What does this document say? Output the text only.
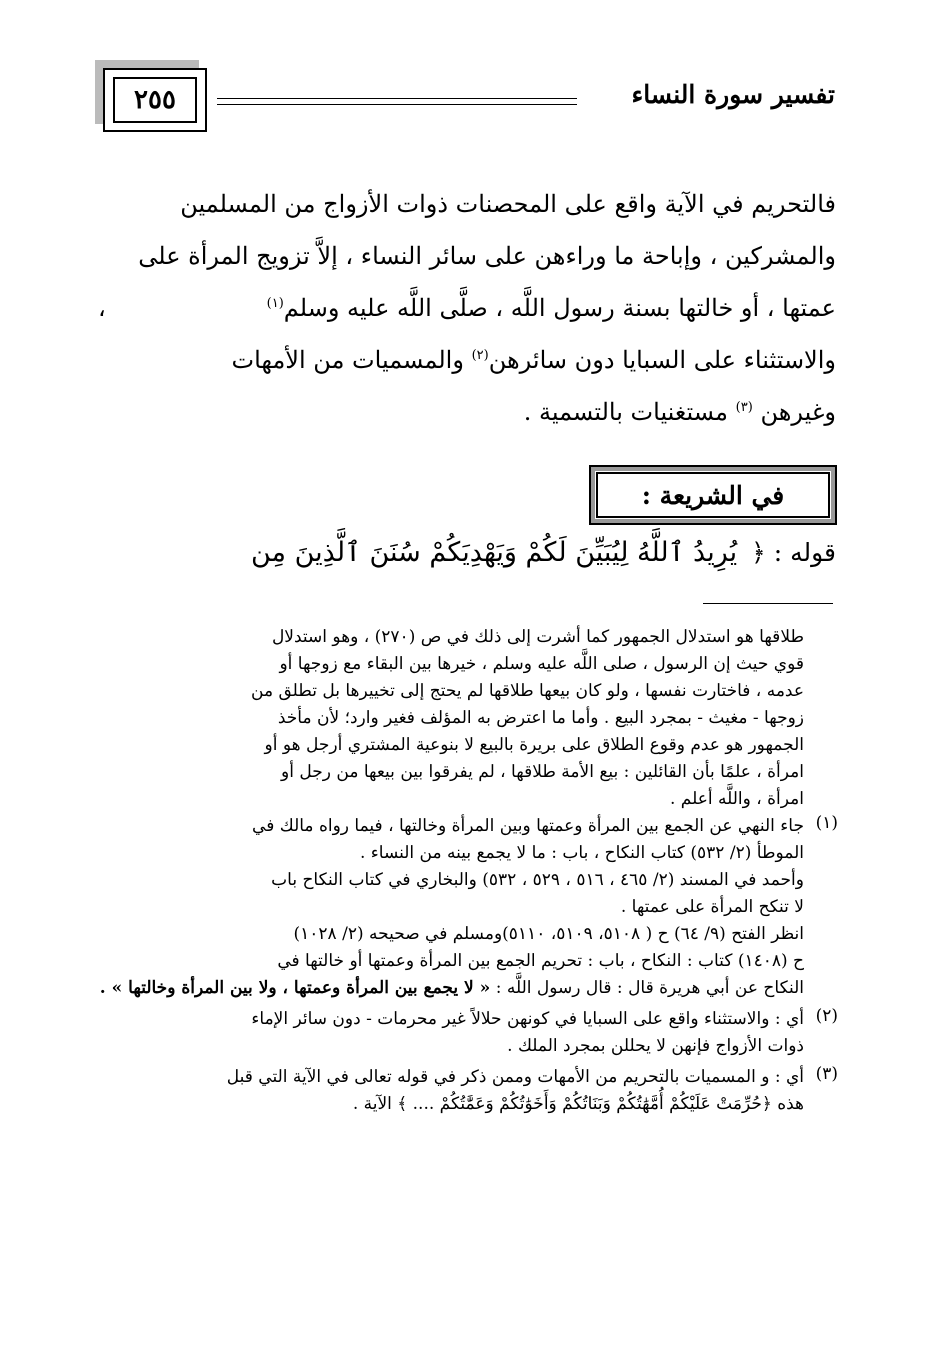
٢٥٥	تفسير سورة النساء

فالتحريم في الآية واقع على المحصنات ذوات الأزواج من المسلمين

والمشركين ، وإباحة ما وراءهن على سائر النساء ، إلاَّ تزويج المرأة على

عمتها ، أو خالتها بسنة رسول اللَّه ، صلَّى اللَّه عليه وسلم$^{(١)}$
،

والاستثناء على السبايا دون سائرهن$^{(٢)}$ والمسميات من الأمهات

وغيرهن $^{(٣)}$ مستغنيات بالتسمية .

في الشريعة :
قوله : ﴿ يُرِيدُ ٱللَّهُ لِيُبَيِّنَ لَكُمْ وَيَهْدِيَكُمْ سُنَنَ ٱلَّذِينَ مِن

طلاقها هو استدلال الجمهور كما أشرت إلى ذلك في ص (٢٧٠) ، وهو استدلال

قوي حيث إن الرسول ، صلى اللَّه عليه وسلم ، خيرها بين البقاء مع زوجها أو

عدمه ، فاختارت نفسها ، ولو كان بيعها طلاقها لم يحتج إلى تخييرها بل تطلق من

زوجها - مغيث - بمجرد البيع . وأما ما اعترض به المؤلف فغير وارد؛ لأن مأخذ

الجمهور هو عدم وقوع الطلاق على بريرة بالبيع لا بنوعية المشتري أرجل هو أو

امرأة ، علمًا بأن القائلين : بيع الأمة طلاقها ، لم يفرقوا بين بيعها من رجل أو

امرأة ، واللَّه أعلم .

(١)

جاء النهي عن الجمع بين المرأة وعمتها وبين المرأة وخالتها ، فيما رواه مالك في

الموطأ (٢/ ٥٣٢) كتاب النكاح ، باب : ما لا يجمع بينه من النساء .

وأحمد في المسند (٢/ ٤٦٥ ، ٥١٦ ، ٥٢٩ ، ٥٣٢) والبخاري في كتاب النكاح باب

لا تنكح المرأة على عمتها .

انظر الفتح (٩/ ٦٤) ح ( ٥١٠٨، ٥١٠٩، ٥١١٠)ومسلم في صحيحه (٢/ ١٠٢٨)

ح (١٤٠٨) كتاب : النكاح ، باب : تحريم الجمع بين المرأة وعمتها أو خالتها في

النكاح عن أبي هريرة قال : قال رسول اللَّه : « لا يجمع بين المرأة وعمتها ، ولا بين المرأة وخالتها » .

(٢)

أي : والاستثناء واقع على السبايا في كونهن حلالاً غير محرمات - دون سائر الإماء

ذوات الأزواج فإنهن لا يحللن بمجرد الملك .

(٣)

أي : و المسميات بالتحريم من الأمهات وممن ذكر في قوله تعالى في الآية التي قبل

هذه ﴿حُرِّمَتْ عَلَيْكُمْ أُمَّهَٰتُكُمْ وَبَنَاتُكُمْ وَأَخَوَٰتُكُمْ وَعَمَّٰتُكُمْ .... ﴾ الآية .
